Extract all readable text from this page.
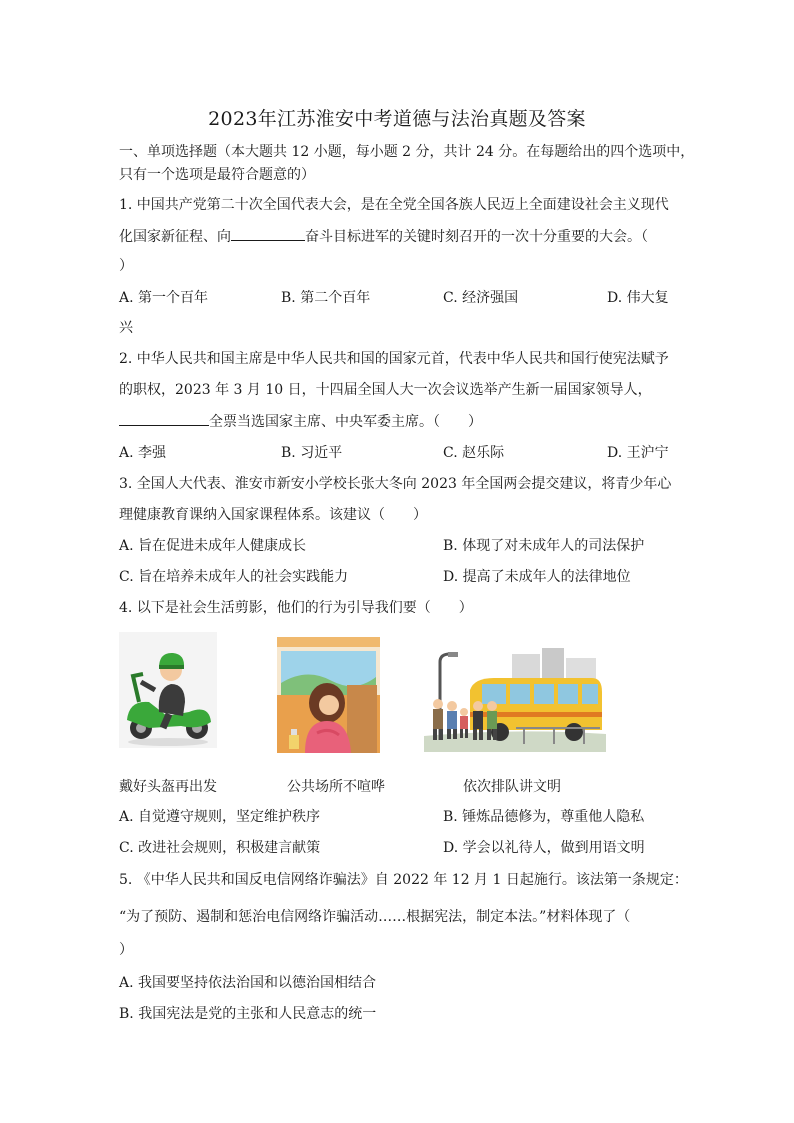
2023年江苏淮安中考道德与法治真题及答案
一、单项选择题（本大题共 12 小题，每小题 2 分，共计 24 分。在每题给出的四个选项中，
只有一个选项是最符合题意的）
1. 中国共产党第二十次全国代表大会，是在全党全国各族人民迈上全面建设社会主义现代
化国家新征程、向	奋斗目标进军的关键时刻召开的一次十分重要的大会。（
）
A. 第一个百年	B. 第二个百年	C. 经济强国	D. 伟大复
兴
2. 中华人民共和国主席是中华人民共和国的国家元首，代表中华人民共和国行使宪法赋予
的职权，2023 年 3 月 10 日，十四届全国人大一次会议选举产生新一届国家领导人，
全票当选国家主席、中央军委主席。（　　）
A. 李强	B. 习近平	C. 赵乐际	D. 王沪宁
3. 全国人大代表、淮安市新安小学校长张大冬向 2023 年全国两会提交建议，将青少年心
理健康教育课纳入国家课程体系。该建议（　　）
A. 旨在促进未成年人健康成长	B. 体现了对未成年人的司法保护
C. 旨在培养未成年人的社会实践能力	D. 提高了未成年人的法律地位
4. 以下是社会生活剪影，他们的行为引导我们要（　　）
戴好头盔再出发	公共场所不喧哗	依次排队讲文明
A. 自觉遵守规则，坚定维护秩序	B. 锤炼品德修为，尊重他人隐私
C. 改进社会规则，积极建言献策	D. 学会以礼待人，做到用语文明
5. 《中华人民共和国反电信网络诈骗法》自 2022 年 12 月 1 日起施行。该法第一条规定：
“为了预防、遏制和惩治电信网络诈骗活动……根据宪法，制定本法。”材料体现了（
）
A. 我国要坚持依法治国和以德治国相结合
B. 我国宪法是党的主张和人民意志的统一
